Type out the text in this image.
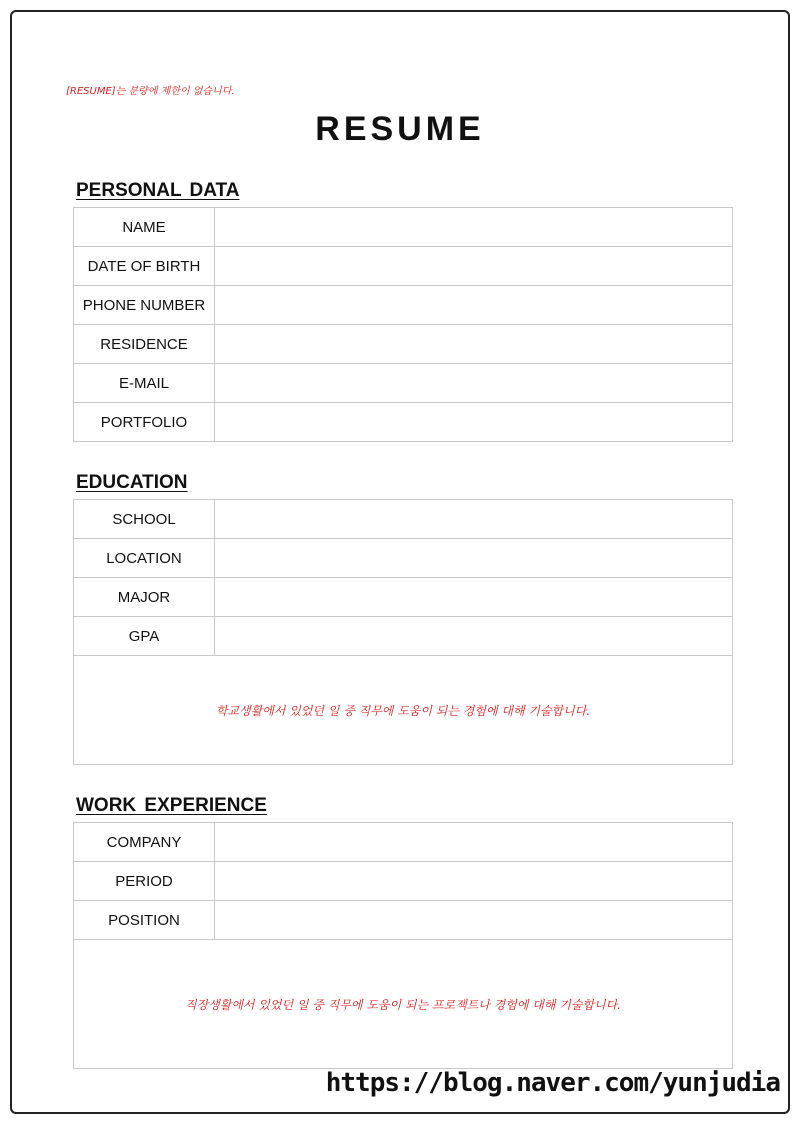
[RESUME]는 분량에 제한이 없습니다.
RESUME
PERSONAL DATA
NAME	
DATE OF BIRTH	
PHONE NUMBER	
RESIDENCE	
E-MAIL	
PORTFOLIO	
EDUCATION
SCHOOL	
LOCATION	
MAJOR	
GPA	
학교생활에서 있었던 일 중 직무에 도움이 되는 경험에 대해 기술합니다.	
WORK EXPERIENCE
COMPANY	
PERIOD	
POSITION	
직장생활에서 있었던 일 중 직무에 도움이 되는 프로젝트나 경험에 대해 기술합니다.	
https://blog.naver.com/yunjudia
